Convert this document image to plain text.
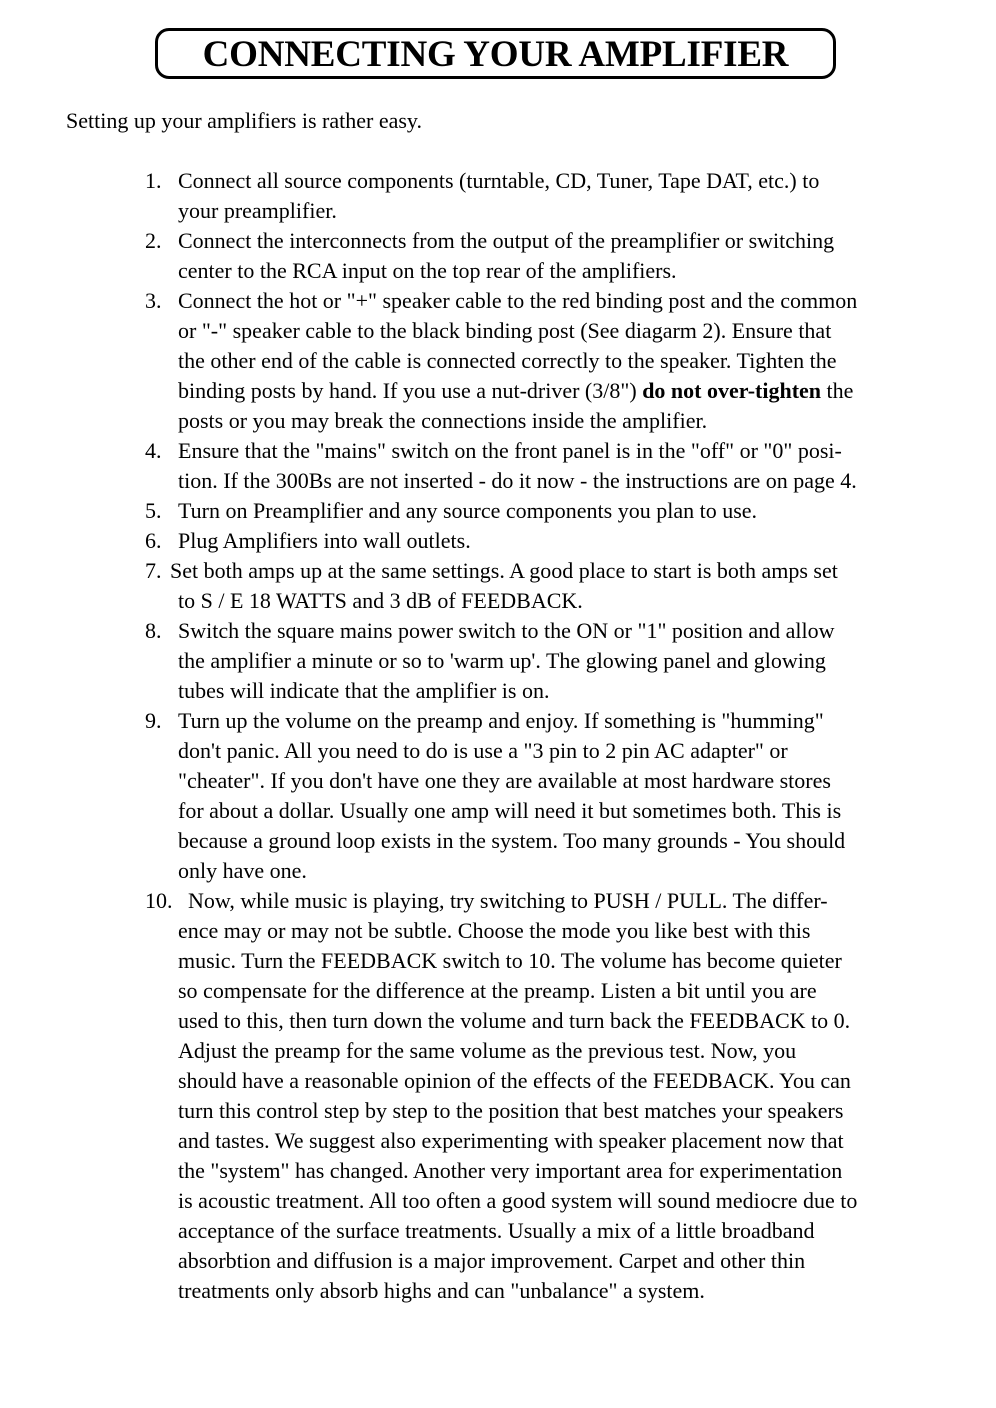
CONNECTING YOUR AMPLIFIER
Setting up your amplifiers is rather easy.
1. Connect all source components (turntable, CD, Tuner, Tape DAT, etc.) to
your preamplifier.
2. Connect the interconnects from the output of the preamplifier or switching
center to the RCA input on the top rear of the amplifiers.
3. Connect the hot or "+" speaker cable to the red binding post and the common
or "-" speaker cable to the black binding post (See diagarm 2). Ensure that
the other end of the cable is connected correctly to the speaker. Tighten the
binding posts by hand. If you use a nut-driver (3/8") do not over-tighten the
posts or you may break the connections inside the amplifier.
4. Ensure that the "mains" switch on the front panel is in the "off" or "0" posi-
tion. If the 300Bs are not inserted - do it now - the instructions are on page 4.
5. Turn on Preamplifier and any source components you plan to use.
6. Plug Amplifiers into wall outlets.
7. Set both amps up at the same settings. A good place to start is both amps set
to S / E 18 WATTS and 3 dB of FEEDBACK.
8. Switch the square mains power switch to the ON or "1" position and allow
the amplifier a minute or so to 'warm up'. The glowing panel and glowing
tubes will indicate that the amplifier is on.
9. Turn up the volume on the preamp and enjoy. If something is "humming"
don't panic. All you need to do is use a "3 pin to 2 pin AC adapter" or
"cheater". If you don't have one they are available at most hardware stores
for about a dollar. Usually one amp will need it but sometimes both. This is
because a ground loop exists in the system. Too many grounds - You should
only have one.
10. Now, while music is playing, try switching to PUSH / PULL. The differ-
ence may or may not be subtle. Choose the mode you like best with this
music. Turn the FEEDBACK switch to 10. The volume has become quieter
so compensate for the difference at the preamp. Listen a bit until you are
used to this, then turn down the volume and turn back the FEEDBACK to 0.
Adjust the preamp for the same volume as the previous test. Now, you
should have a reasonable opinion of the effects of the FEEDBACK. You can
turn this control step by step to the position that best matches your speakers
and tastes. We suggest also experimenting with speaker placement now that
the "system" has changed. Another very important area for experimentation
is acoustic treatment. All too often a good system will sound mediocre due to
acceptance of the surface treatments. Usually a mix of a little broadband
absorbtion and diffusion is a major improvement. Carpet and other thin
treatments only absorb highs and can "unbalance" a system.
